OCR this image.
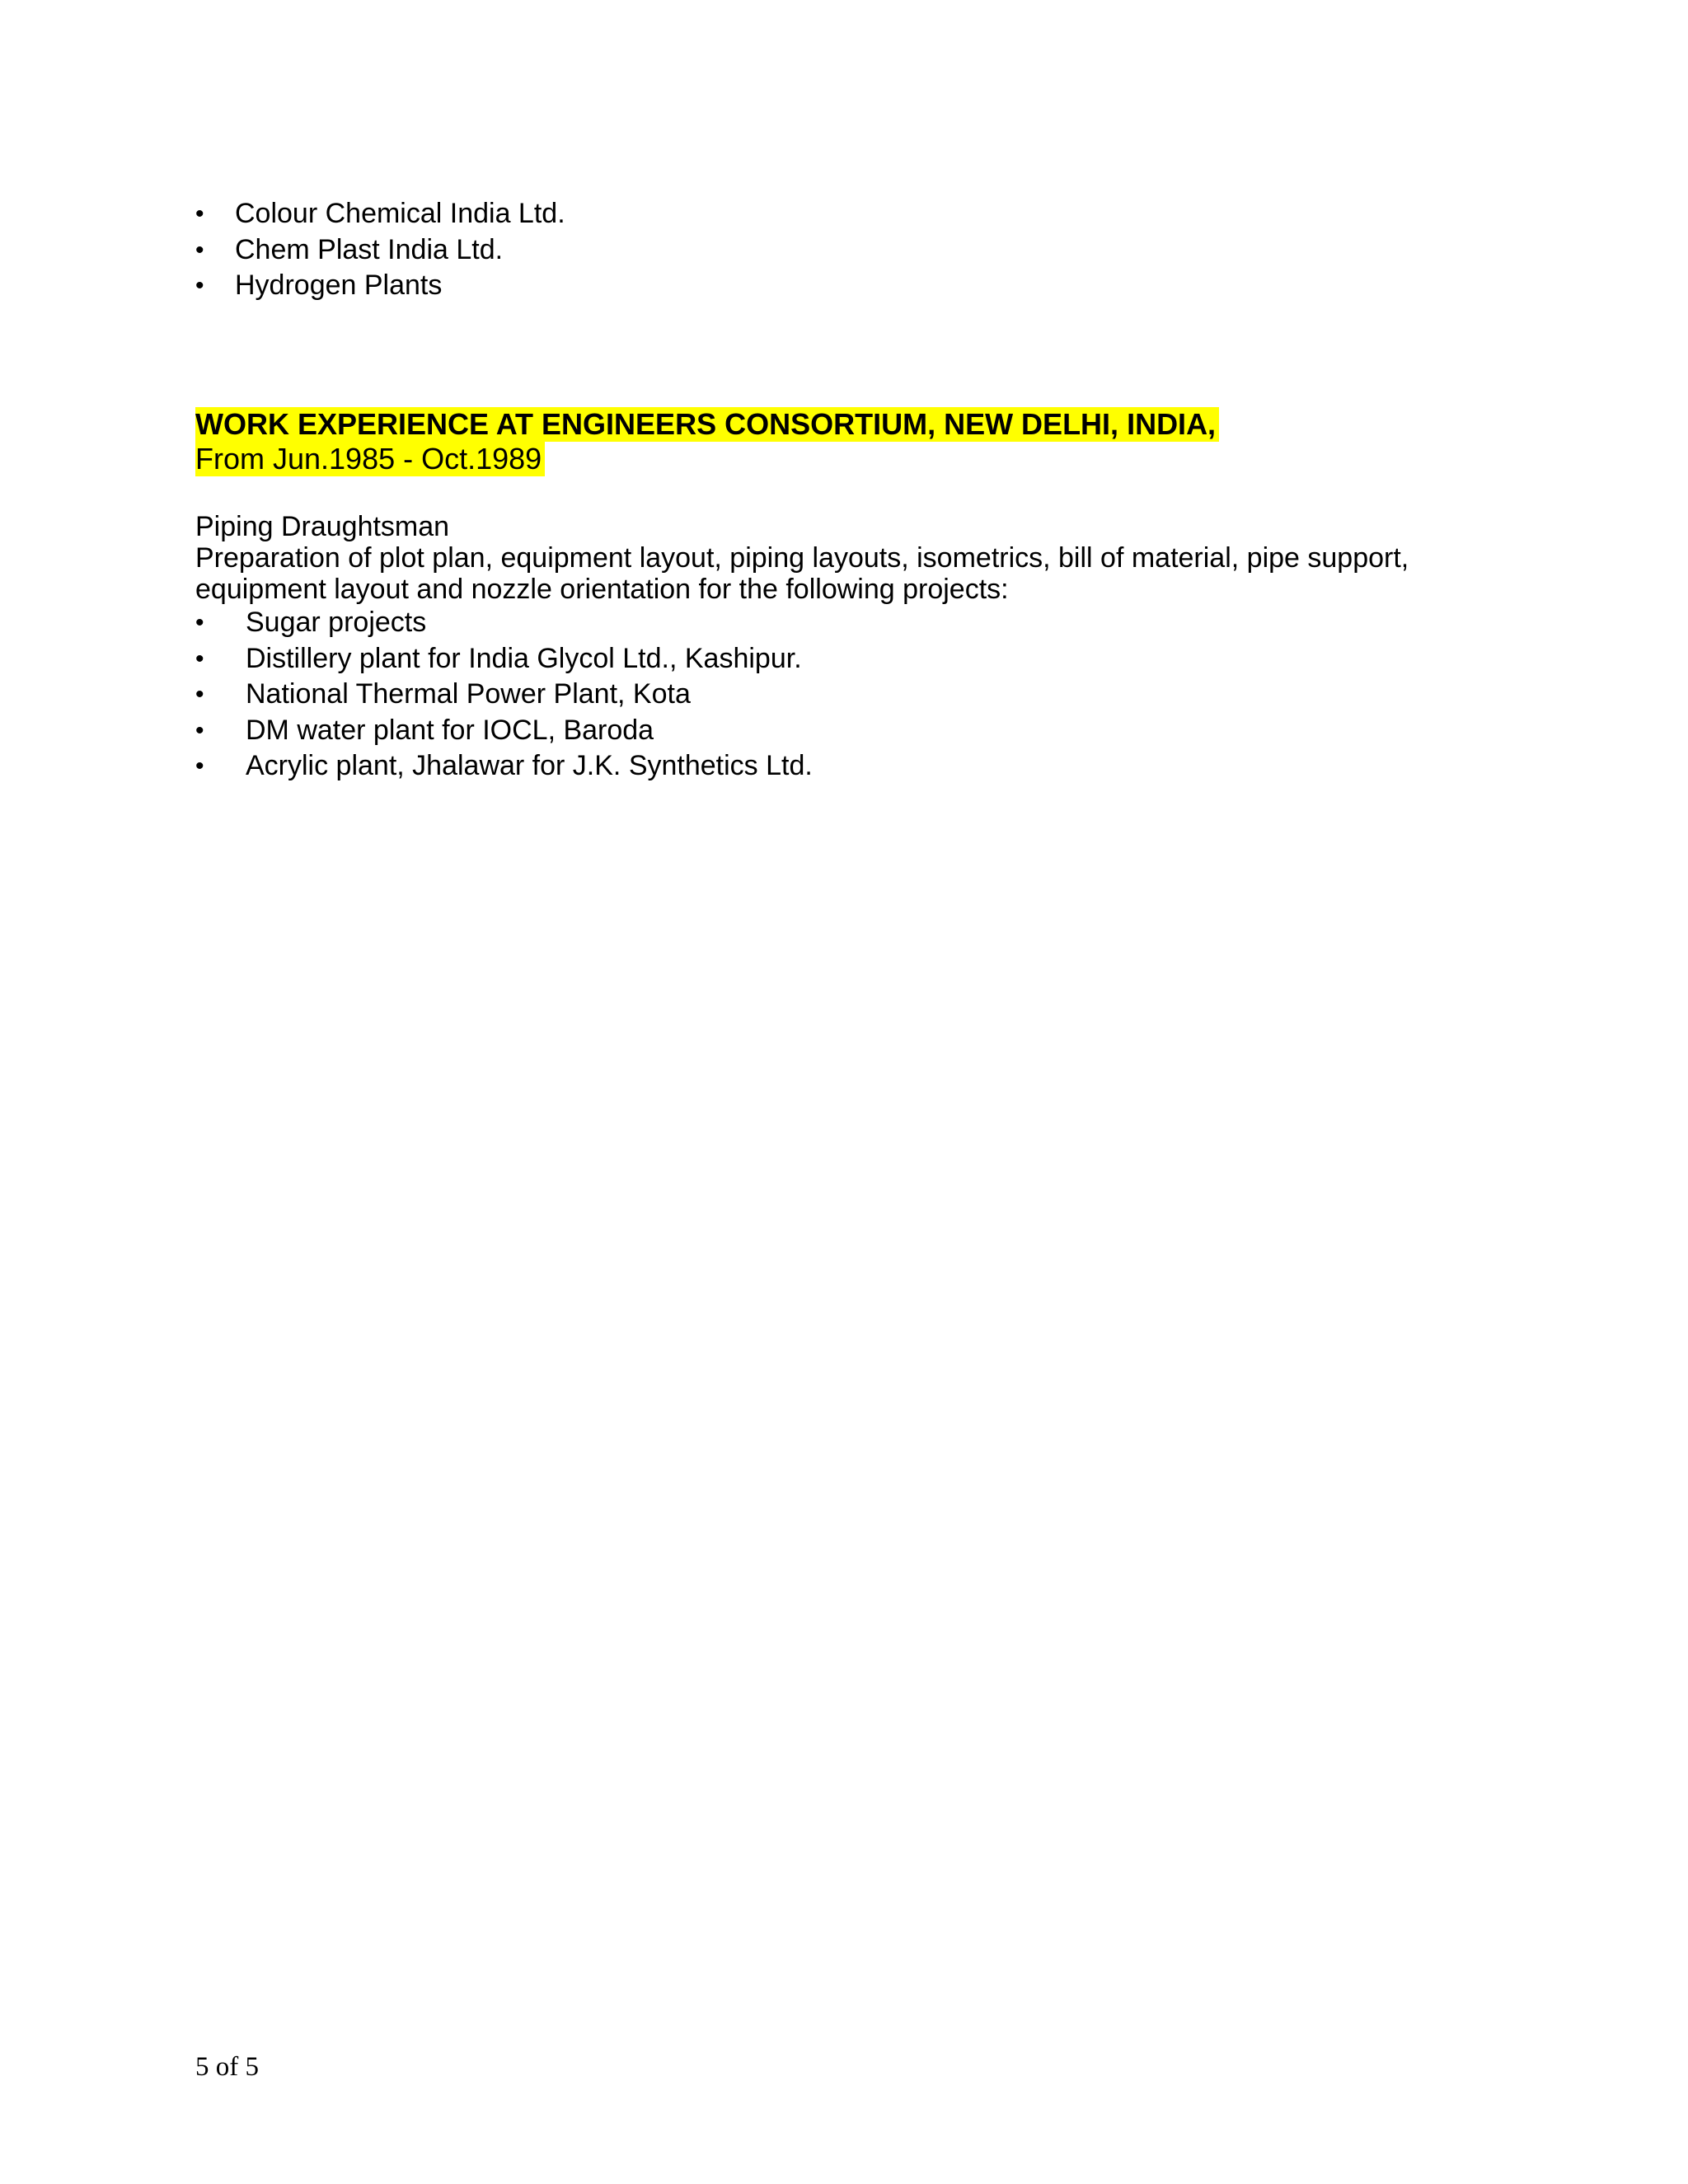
• Colour Chemical India Ltd.
• Chem Plast India Ltd.
• Hydrogen Plants
WORK EXPERIENCE AT ENGINEERS CONSORTIUM, NEW DELHI, INDIA,
From Jun.1985 - Oct.1989
Piping Draughtsman

Preparation of plot plan, equipment layout, piping layouts, isometrics, bill of material, pipe support, equipment layout and nozzle orientation for the following projects:

• Sugar projects
• Distillery plant for India Glycol Ltd., Kashipur.
• National Thermal Power Plant, Kota
• DM water plant for IOCL, Baroda
• Acrylic plant, Jhalawar for J.K. Synthetics Ltd.
5 of 5
